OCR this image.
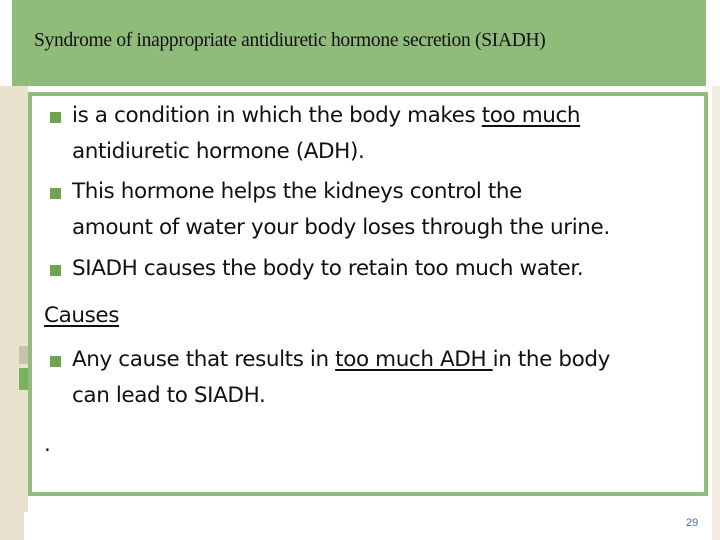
Syndrome of inappropriate antidiuretic hormone secretion (SIADH)
is a condition in which the body makes too much
antidiuretic hormone (ADH).
This hormone helps the kidneys control the
amount of water your body loses through the urine.
SIADH causes the body to retain too much water.
Causes
Any cause that results in too much ADH in the body
can lead to SIADH.
.
29
